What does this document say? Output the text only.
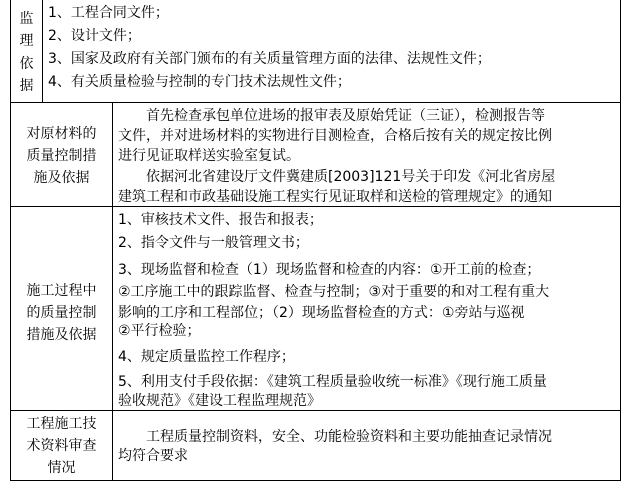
监

理

依

据

1、工程合同文件；

2、设计文件；

3、国家及政府有关部门颁布的有关质量管理方面的法律、法规性文件；

4、有关质量检验与控制的专门技术法规性文件；

对原材料的

质量控制措

施及依据

首先检查承包单位进场的报审表及原始凭证（三证），检测报告等

文件，并对进场材料的实物进行目测检查，合格后按有关的规定按比例

进行见证取样送实验室复试。

依据河北省建设厅文件冀建质[2003]121号关于印发《河北省房屋

建筑工程和市政基础设施工程实行见证取样和送检的管理规定》的通知

施工过程中

的质量控制

措施及依据

1、审核技术文件、报告和报表；

2、指令文件与一般管理文书；

3、现场监督和检查（1）现场监督和检查的内容：①开工前的检查；

②工序施工中的跟踪监督、检查与控制；③对于重要的和对工程有重大

影响的工序和工程部位；（2）现场监督检查的方式：①旁站与巡视

②平行检验；

4、规定质量监控工作程序；

5、利用支付手段依据：《建筑工程质量验收统一标准》《现行施工质量

验收规范》《建设工程监理规范》

工程施工技

术资料审查

情况

工程质量控制资料，安全、功能检验资料和主要功能抽查记录情况

均符合要求
